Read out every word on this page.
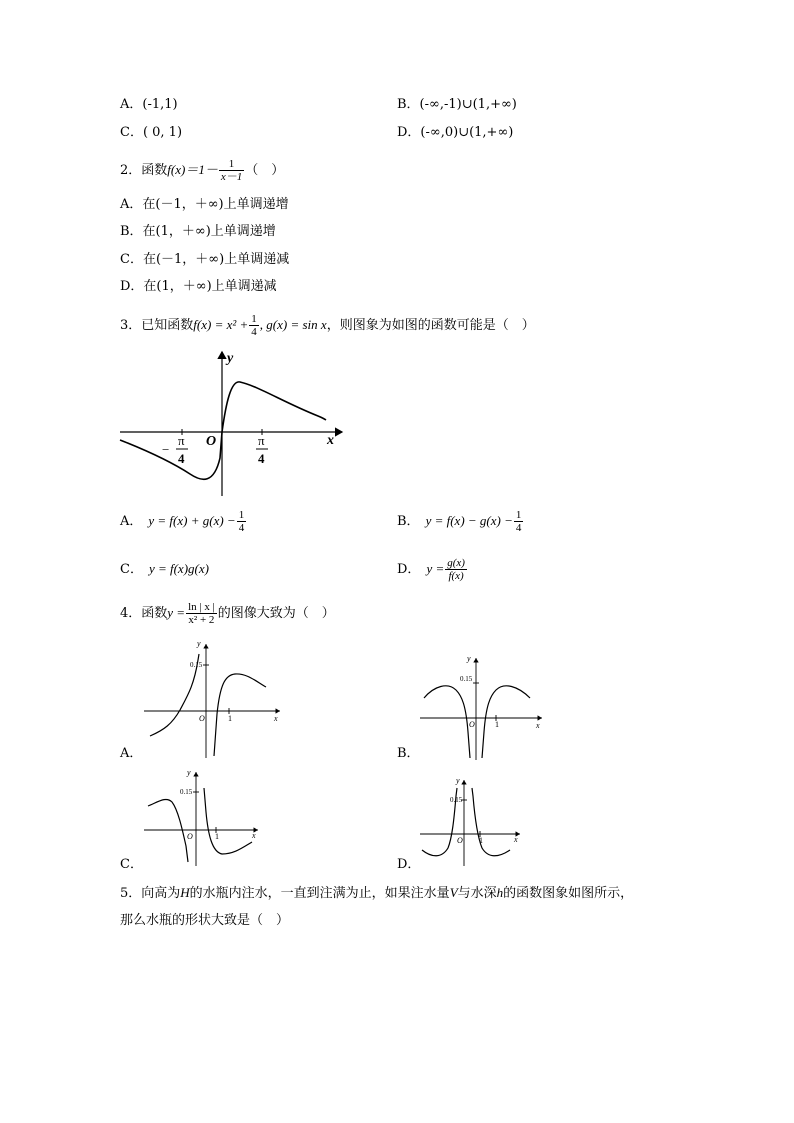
A．(-1,1)	B．(-∞,-1)∪(1,+∞)
C．( 0, 1)	D．(-∞,0)∪(1,+∞)
2．函数$f(x)=1- \frac{1}{x-1}$ （　）
A．在(－1，＋∞)上单调递增
B．在(1，＋∞)上单调递增
C．在(－1，＋∞)上单调递减
D．在(1，＋∞)上单调递减
3．已知函数$f(x) = x^2 + \frac{1}{4}$ , g(x) = sin x，则图象为如图的函数可能是（　）
y
x
O
−
π
4
π
4
A． $y = f(x) + g(x) - \frac{1}{4}$	B． $y = f(x) - g(x) - \frac{1}{4}$
C． y = f(x)g(x)	D． $y = \frac{g(x)}{f(x)}$
4．函数$y = \frac{\ln | x |}{\text{x² + 2}}$ 的图像大致为（　）
y
x
O	1
0.15
A．
y
x
O	1
0.15
B．
y
x
O	1
0.15
C．
y
x
O 1
0.15
D．
5．向高为H的水瓶内注水，一直到注满为止，如果注水量V与水深h的函数图象如图所示，
那么水瓶的形状大致是（　）
